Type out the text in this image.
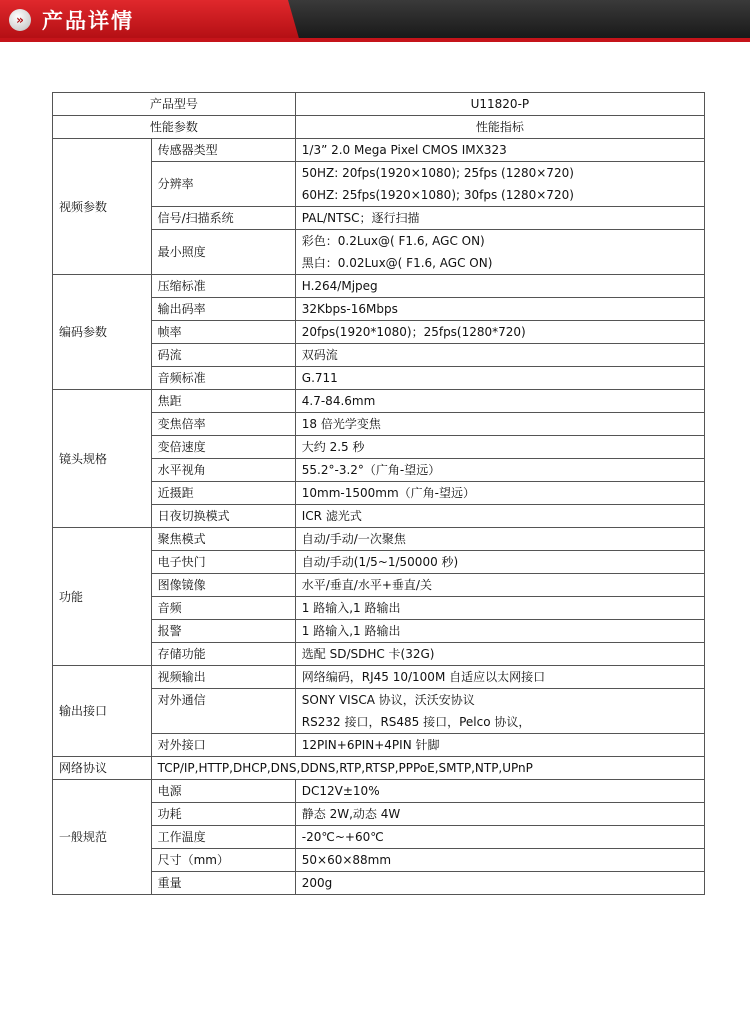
» 产品详情
产品型号		U11820-P
性能参数		性能指标
视频参数	传感器类型	1/3” 2.0 Mega Pixel CMOS IMX323
	分辨率	50HZ: 20fps(1920×1080); 25fps (1280×720)
60HZ: 25fps(1920×1080); 30fps (1280×720)

	信号/扫描系统	PAL/NTSC；逐行扫描
	最小照度	彩色：0.2Lux@( F1.6, AGC ON)
黑白：0.02Lux@( F1.6, AGC ON)

编码参数	压缩标准	H.264/Mjpeg
	输出码率	32Kbps-16Mbps
	帧率	20fps(1920*1080)；25fps(1280*720)
	码流	双码流
	音频标准	G.711
镜头规格	焦距	4.7-84.6mm
	变焦倍率	18 倍光学变焦
	变倍速度	大约 2.5 秒
	水平视角	55.2°-3.2°（广角-望远）
	近摄距	10mm-1500mm（广角-望远）
	日夜切换模式	ICR 滤光式
功能	聚焦模式	自动/手动/一次聚焦
	电子快门	自动/手动(1/5~1/50000 秒)
	图像镜像	水平/垂直/水平+垂直/关
	音频	1 路输入,1 路输出
	报警	1 路输入,1 路输出
	存储功能	选配 SD/SDHC 卡(32G)
输出接口	视频输出	网络编码，RJ45 10/100M 自适应以太网接口
	对外通信	SONY VISCA 协议，沃沃安协议
RS232 接口，RS485 接口，Pelco 协议，

	对外接口	12PIN+6PIN+4PIN 针脚
网络协议	TCP/IP,HTTP,DHCP,DNS,DDNS,RTP,RTSP,PPPoE,SMTP,NTP,UPnP	
一般规范	电源	DC12V±10%
	功耗	静态 2W,动态 4W
	工作温度	-20℃~+60℃
	尺寸（mm）	50×60×88mm
	重量	200g
